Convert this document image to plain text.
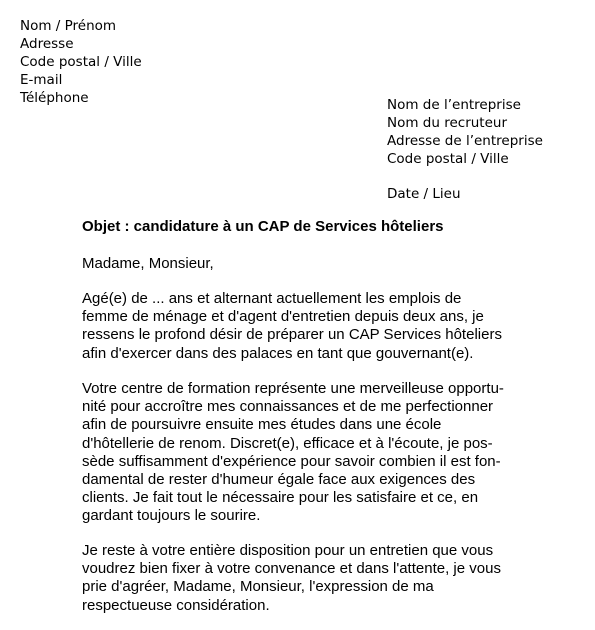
Nom / Prénom
Adresse
Code postal / Ville
E-mail
Téléphone	Nom de l’entreprise
Nom du recruteur
Adresse de l’entreprise
Code postal / Ville
Date / Lieu
Objet : candidature à un CAP de Services hôteliers
Madame, Monsieur,
Agé(e) de ... ans et alternant actuellement les emplois de
femme de ménage et d'agent d'entretien depuis deux ans, je
ressens le profond désir de préparer un CAP Services hôteliers
afin d'exercer dans des palaces en tant que gouvernant(e).
Votre centre de formation représente une merveilleuse opportu-
nité pour accroître mes connaissances et de me perfectionner
afin de poursuivre ensuite mes études dans une école
d'hôtellerie de renom. Discret(e), efficace et à l'écoute, je pos-
sède suffisamment d'expérience pour savoir combien il est fon-
damental de rester d'humeur égale face aux exigences des
clients. Je fait tout le nécessaire pour les satisfaire et ce, en
gardant toujours le sourire.
Je reste à votre entière disposition pour un entretien que vous
voudrez bien fixer à votre convenance et dans l'attente, je vous
prie d'agréer, Madame, Monsieur, l'expression de ma
respectueuse considération.
